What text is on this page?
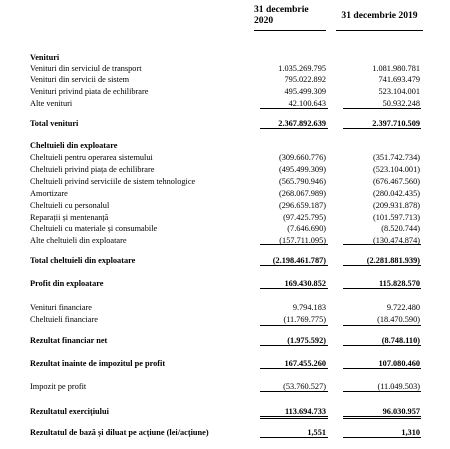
31 decembrie 2020	31 decembrie 2019
Venituri
Venituri din serviciul de transport	1.035.269.795	1.081.980.781
Venituri din servicii de sistem	795.022.892	741.693.479
Venituri privind piata de echilibrare	495.499.309	523.104.001
Alte venituri	42.100.643	50.932.248
Total venituri	2.367.892.639	2.397.710.509
Cheltuieli din exploatare
Cheltuieli pentru operarea sistemului	(309.660.776)	(351.742.734)
Cheltuieli privind piața de echilibrare	(495.499.309)	(523.104.001)
Cheltuieli privind serviciile de sistem tehnologice	(565.790.946)	(676.467.560)
Amortizare	(268.067.989)	(280.042.435)
Cheltuieli cu personalul	(296.659.187)	(209.931.878)
Reparații și mentenanță	(97.425.795)	(101.597.713)
Cheltuieli cu materiale și consumabile	(7.646.690)	(8.520.744)
Alte cheltuieli din exploatare	(157.711.095)	(130.474.874)
Total cheltuieli din exploatare	(2.198.461.787)	(2.281.881.939)
Profit din exploatare	169.430.852	115.828.570
Venituri financiare	9.794.183	9.722.480
Cheltuieli financiare	(11.769.775)	(18.470.590)
Rezultat financiar net	(1.975.592)	(8.748.110)
Rezultat înainte de impozitul pe profit	167.455.260	107.080.460
Impozit pe profit	(53.760.527)	(11.049.503)
Rezultatul exercițiului	113.694.733	96.030.957
Rezultatul de bază și diluat pe acțiune (lei/acțiune)	1,551	1,310
